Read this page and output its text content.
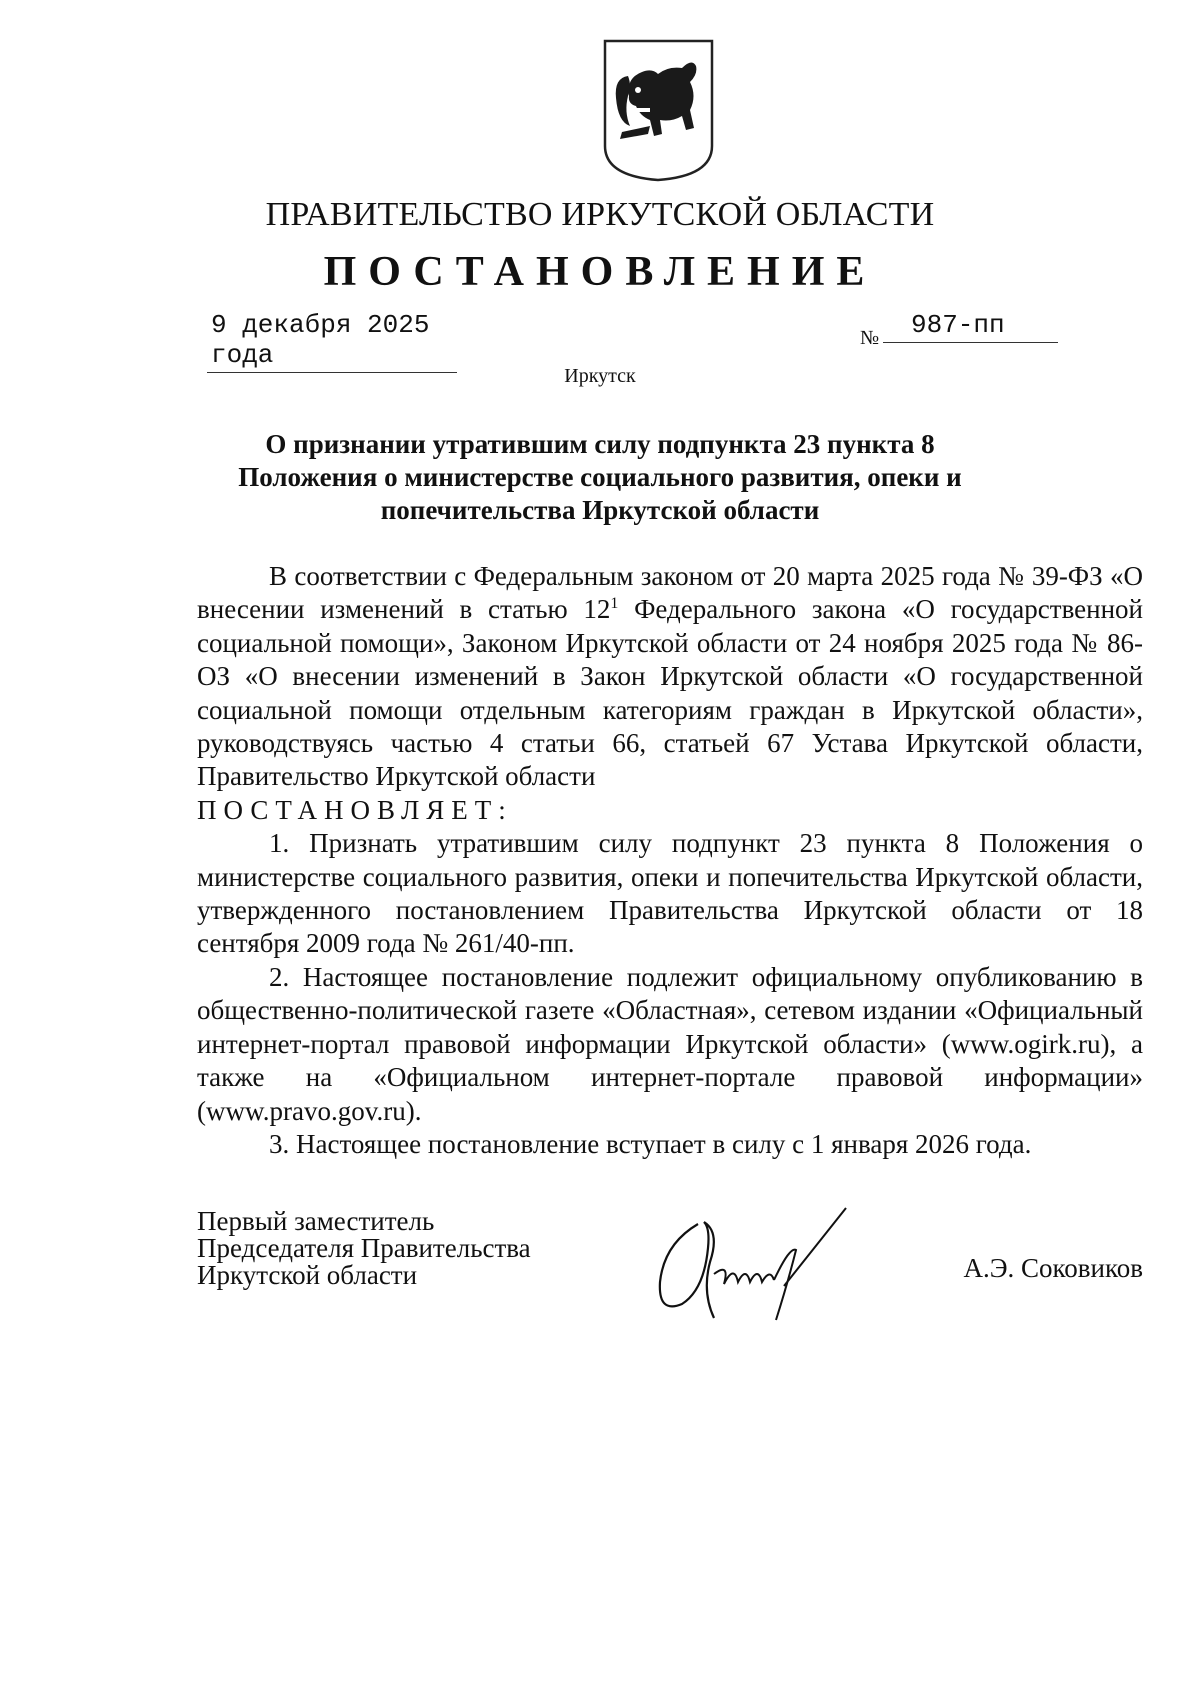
ПРАВИТЕЛЬСТВО ИРКУТСКОЙ ОБЛАСТИ
ПОСТАНОВЛЕНИЕ
9 декабря 2025 года
№	987-пп
Иркутск
О признании утратившим силу подпункта 23 пункта 8
Положения о министерстве социального развития, опеки и
попечительства Иркутской области

В соответствии с Федеральным законом от 20 марта 2025 года № 39-ФЗ «О внесении изменений в статью $12^1$ Федерального закона «О государственной социальной помощи», Законом Иркутской области от 24 ноября 2025 года № 86-ОЗ «О внесении изменений в Закон Иркутской области «О государственной социальной помощи отдельным категориям граждан в Иркутской области», руководствуясь частью 4 статьи 66, статьей 67 Устава Иркутской области, Правительство Иркутской области

ПОСТАНОВЛЯЕТ:

1. Признать утратившим силу подпункт 23 пункта 8 Положения о министерстве социального развития, опеки и попечительства Иркутской области, утвержденного постановлением Правительства Иркутской области от 18 сентября 2009 года № 261/40-пп.

2. Настоящее постановление подлежит официальному опубликованию в общественно-политической газете «Областная», сетевом издании «Официальный интернет-портал правовой информации Иркутской области» (www.ogirk.ru), а также на «Официальном интернет-портале правовой информации» (www.pravo.gov.ru).

3. Настоящее постановление вступает в силу с 1 января 2026 года.

Первый заместитель
Председателя Правительства
Иркутской области	А.Э. Соковиков
